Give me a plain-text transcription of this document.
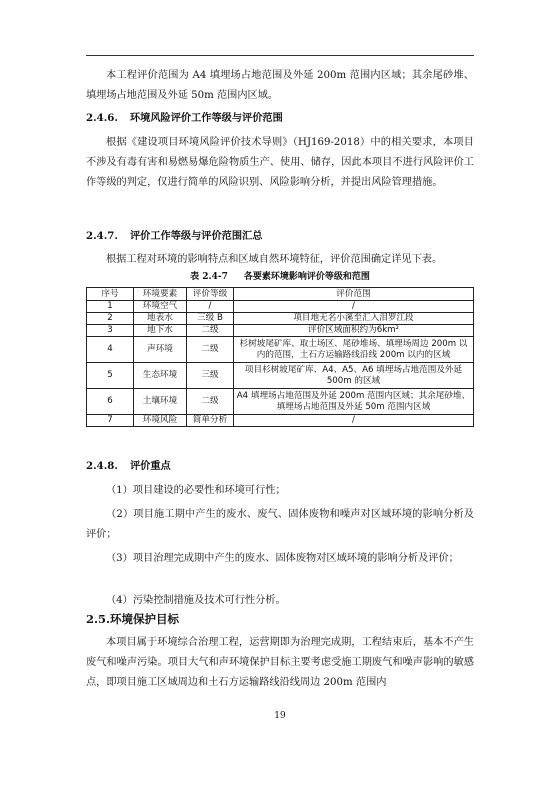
本工程评价范围为 A4 填埋场占地范围及外延 200m 范围内区域；其余尾砂堆、填埋场占地范围及外延 50m 范围内区域。

2.4.6. 环境风险评价工作等级与评价范围

根据《建设项目环境风险评价技术导则》（HJ169-2018）中的相关要求，本项目不涉及有毒有害和易燃易爆危险物质生产、使用、储存，因此本项目不进行风险评价工作等级的判定，仅进行简单的风险识别、风险影响分析，并提出风险管理措施。

2.4.7. 评价工作等级与评价范围汇总

根据工程对环境的影响特点和区域自然环境特征，评价范围确定详见下表。

表 2.4-7 各要素环境影响评价等级和范围

序号	环境要素	评价等级	评价范围
1	环境空气	/	/
2	地表水	三级 B	项目地无名小溪至汇入泪罗江段
3	地下水	二级	评价区域面积约为6km²
4	声环境	二级	杉树坡尾矿库、取土场区、尾砂堆场、填埋场周边 200m 以内的范围，土石方运输路线沿线 200m 以内的区域
5	生态环境	三级	项目杉树坡尾矿库、A4、A5、A6 填埋场占地范围及外延 500m 的区域
6	土壤环境	二级	A4 填埋场占地范围及外延 200m 范围内区域；其余尾砂堆、填埋场占地范围及外延 50m 范围内区域
7	环境风险	简单分析	/
2.4.8. 评价重点

（1）项目建设的必要性和环境可行性；

（2）项目施工期中产生的废水、废气、固体废物和噪声对区域环境的影响分析及评价；

（3）项目治理完成期中产生的废水、固体废物对区域环境的影响分析及评价；

（4）污染控制措施及技术可行性分析。

2.5.环境保护目标

本项目属于环境综合治理工程，运营期即为治理完成期，工程结束后，基本不产生废气和噪声污染。项目大气和声环境保护目标主要考虑受施工期废气和噪声影响的敏感点，即项目施工区域周边和土石方运输路线沿线周边 200m 范围内

19
